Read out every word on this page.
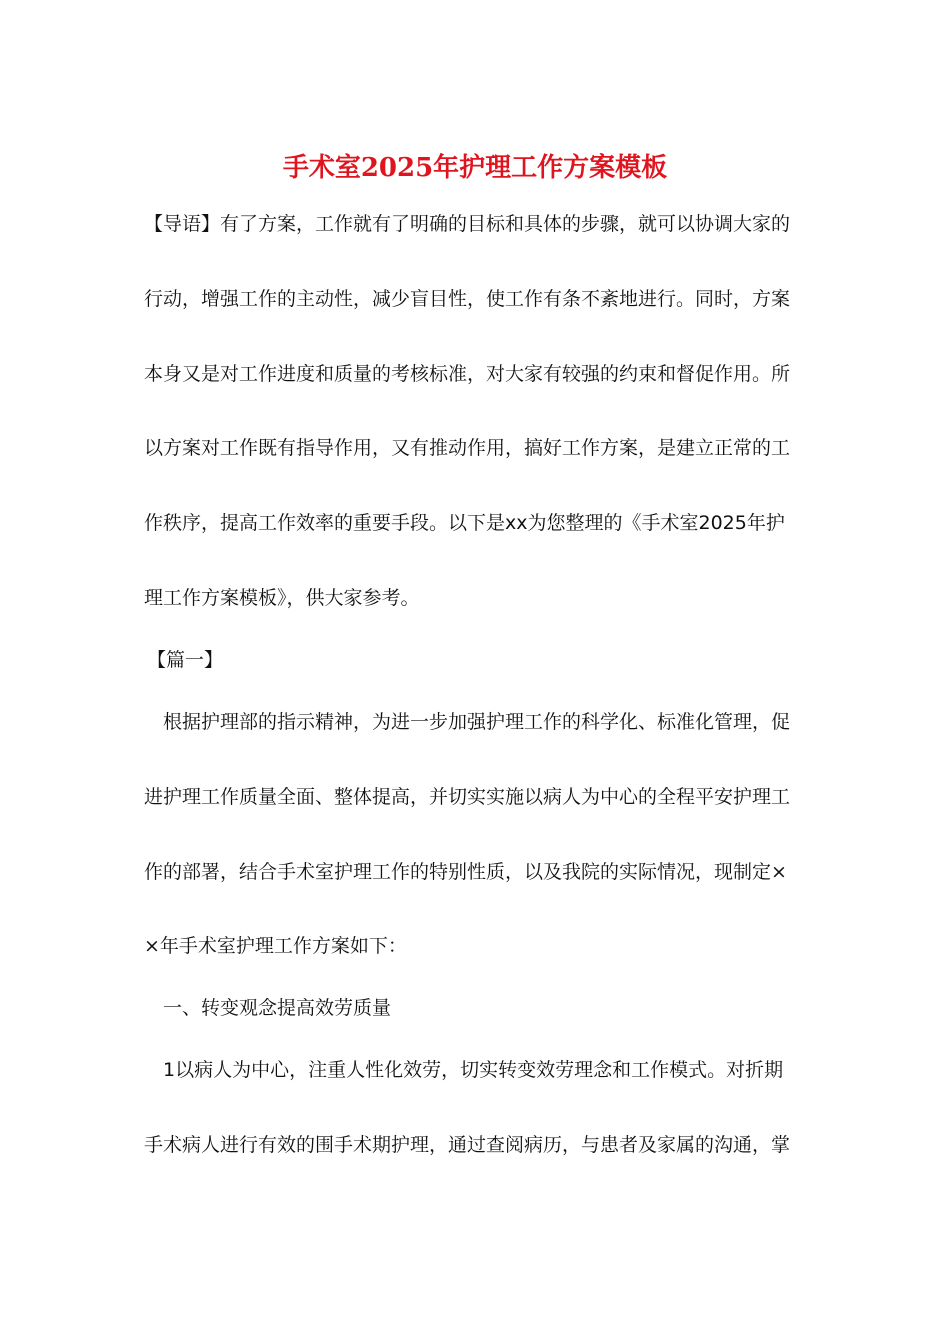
手术室2025年护理工作方案模板
【导语】有了方案，工作就有了明确的目标和具体的步骤，就可以协调大家的
行动，增强工作的主动性，减少盲目性，使工作有条不紊地进行。同时，方案
本身又是对工作进度和质量的考核标准，对大家有较强的约束和督促作用。所
以方案对工作既有指导作用，又有推动作用，搞好工作方案，是建立正常的工
作秩序，提高工作效率的重要手段。以下是xx为您整理的《手术室2025年护
理工作方案模板》，供大家参考。
【篇一】
根据护理部的指示精神，为进一步加强护理工作的科学化、标准化管理，促
进护理工作质量全面、整体提高，并切实实施以病人为中心的全程平安护理工
作的部署，结合手术室护理工作的特别性质，以及我院的实际情况，现制定×
×年手术室护理工作方案如下：
一、转变观念提高效劳质量
1以病人为中心，注重人性化效劳，切实转变效劳理念和工作模式。对折期
手术病人进行有效的围手术期护理，通过查阅病历，与患者及家属的沟通，掌
